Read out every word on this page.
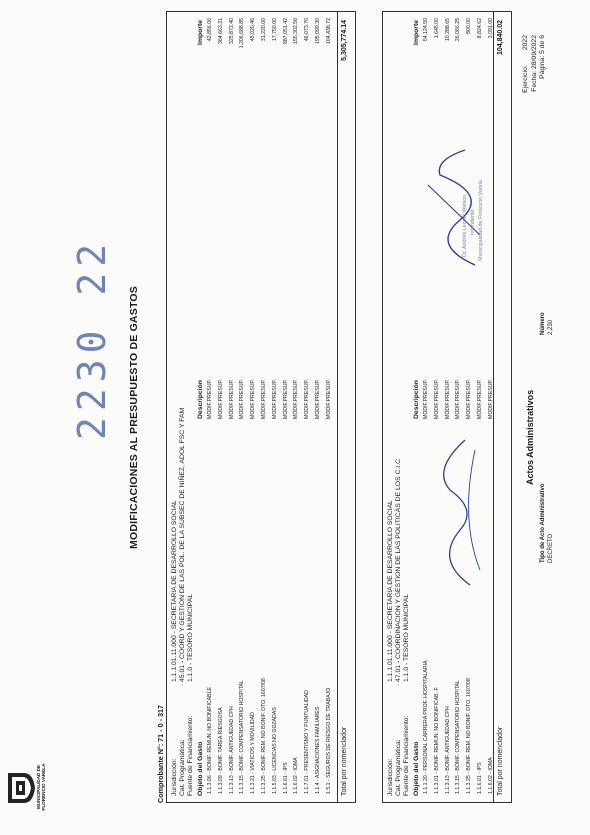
MUNICIPALIDAD DE FLORENCIO VARELA
MODIFICACIONES AL PRESUPUESTO DE GASTOS
2230 22
Ejercicio:        2022
Fecha: 28/09/2022 Página: 5 de 6
Comprobante N°: 71 - 0 - 317
Jurisdicción:
1.1.1.01.11.000 - SECRETARIA DE DESARROLLO SOCIAL
Cat. Programática:
45.01 - COORD Y GESTION DE LAS POL. DE LA SUBSEC DE NIÑEZ, ADOL FSC Y FAM
Fuente de Financiamiento:
1.1.0 - TESORO MUNICIPAL
Objeto del Gasto
Descripción
Importe
1.1.3.06 - BONIF. REMUN. NO BONIFICABLE
MODIF.PRESUP.
42,856.06
1.1.3.09 - BONIF. TAREA RIESGOSA
MODIF.PRESUP.
364,663.31
1.1.3.13 - BONIF. ANTIGUEDAD CPH
MODIF.PRESUP.
325,872.40
1.1.3.15 - BONIF. COMPENSATORIO HOSPITAL
MODIF.PRESUP.
1,206,688.85
1.1.3.21 - VIATICOS Y MOVILIDAD
MODIF.PRESUP.
45,020.46
1.1.3.25 - BONIF. REM. NO BONIF. DTO. 1607/08
MODIF.PRESUP.
31,220.00
1.1.5.03 - LICENCIAS NO GOZADAS
MODIF.PRESUP.
17,750.00
1.1.6.01 - IPS
MODIF.PRESUP.
887,051.42
1.1.6.02 - IOMA
MODIF.PRESUP.
155,302.56
1.1.7.01 - PRESENTISMO Y PUNTUALIDAD
MODIF.PRESUP.
46,073.70
1.1.4 - ASIGNACIONES FAMILIARES
MODIF.PRESUP.
195,099.30
1.5.1 - SEGUROS DE RIESGO DE TRABAJO
MODIF.PRESUP.
104,438.72
Total por nomenclador
5,305,774.14
Jurisdicción:
1.1.1.01.11.000 - SECRETARIA DE DESARROLLO SOCIAL
Cat. Programática:
47.01 - COORDINACION Y GESTION DE LAS POLITICAS DE LOS C.I.C
Fuente de Financiamiento:
1.1.0 - TESORO MUNICIPAL
Objeto del Gasto
Descripción
Importe
1.1.1.20 - PERSONAL CARRERA PROF. HOSPITALARIA
MODIF.PRESUP.
54,124.50
1.1.3.01 - BONIF. REMUN. NO BONIFICAB. F
MODIF.PRESUP.
1,645.00
1.1.3.13 - BONIF. ANTIGUEDAD CPH
MODIF.PRESUP.
10,288.65
1.1.3.15 - BONIF. COMPENSATORIO HOSPITAL
MODIF.PRESUP.
26,066.25
1.1.3.25 - BONIF. REM. NO BONIF. DTO. 1607/08
MODIF.PRESUP.
800.00
1.1.6.01 - IPS
MODIF.PRESUP.
8,824.62
1.1.6.02 - IOMA
MODIF.PRESUP.
3,091.00
Total por nomenclador
104,840.02
Actos Administrativos
Tipo de Acto Administrativo DECRETO
Número 2,230
Dr. Andrés Leonel Watson Intendente Municipalidad de Florencio Varela
